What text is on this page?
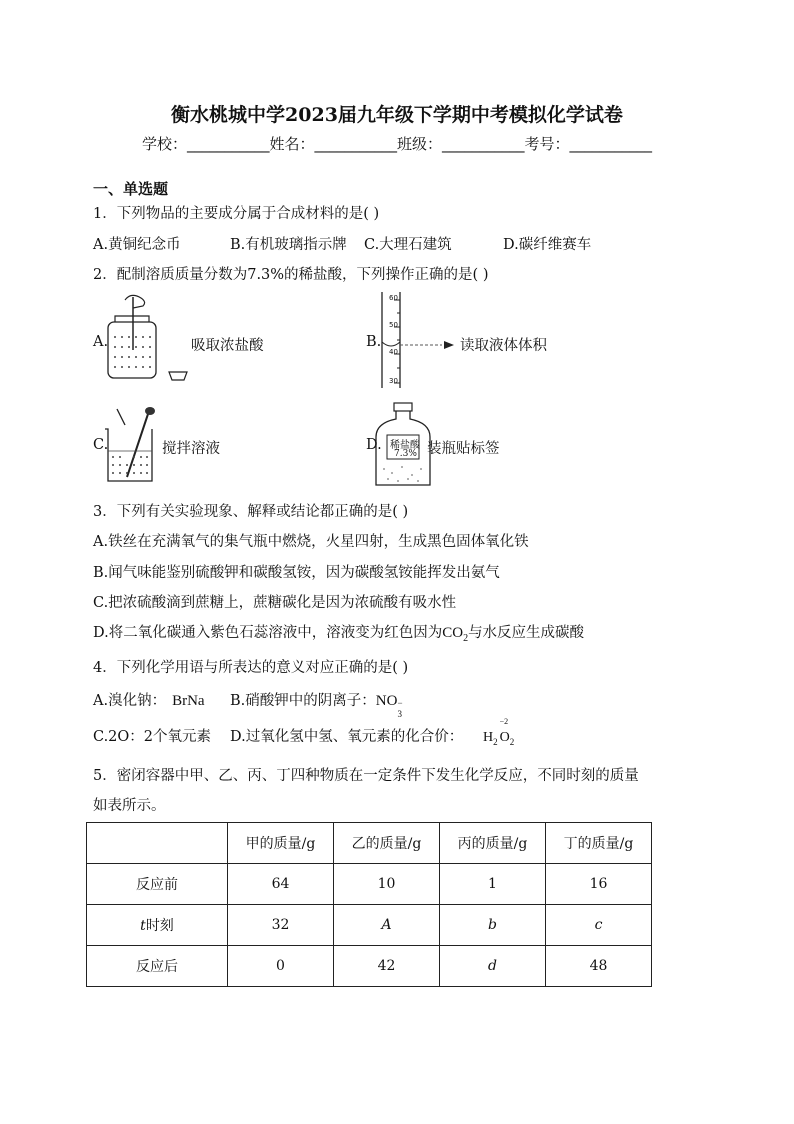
衡水桃城中学2023届九年级下学期中考模拟化学试卷
学校：___________姓名：___________班级：___________考号：___________
一、单选题
1．下列物品的主要成分属于合成材料的是( )
A.黄铜纪念币	B.有机玻璃指示牌 C.大理石建筑	D.碳纤维赛车
2．配制溶质质量分数为7.3%的稀盐酸，下列操作正确的是( )
A.	吸取浓盐酸	B.
60
50
40
30
读取液体体积
C.	搅拌溶液	D. 稀盐酸
7.3% 装瓶贴标签
3．下列有关实验现象、解释或结论都正确的是( )
A.铁丝在充满氧气的集气瓶中燃烧，火星四射，生成黑色固体氧化铁
B.闻气味能鉴别硫酸钾和碳酸氢铵，因为碳酸氢铵能挥发出氨气
C.把浓硫酸滴到蔗糖上，蔗糖碳化是因为浓硫酸有吸水性
D.将二氧化碳通入紫色石蕊溶液中，溶液变为红色因为$CO_2$与水反应生成碳酸
4．下列化学用语与所表达的意义对应正确的是( )
A.溴化钠： BrNa B.硝酸钾中的阴离子：NO −
3
C.2O：2个氧元素 D.过氧化氢中氢、氧元素的化合价： $H_2$
−2
$O_2$
5．密闭容器中甲、乙、丙、丁四种物质在一定条件下发生化学反应，不同时刻的质量
如表所示。
	甲的质量/g	乙的质量/g	丙的质量/g	丁的质量/g
反应前	64	10	1	16
t时刻	32	A	b	c
反应后	0	42	d	48
